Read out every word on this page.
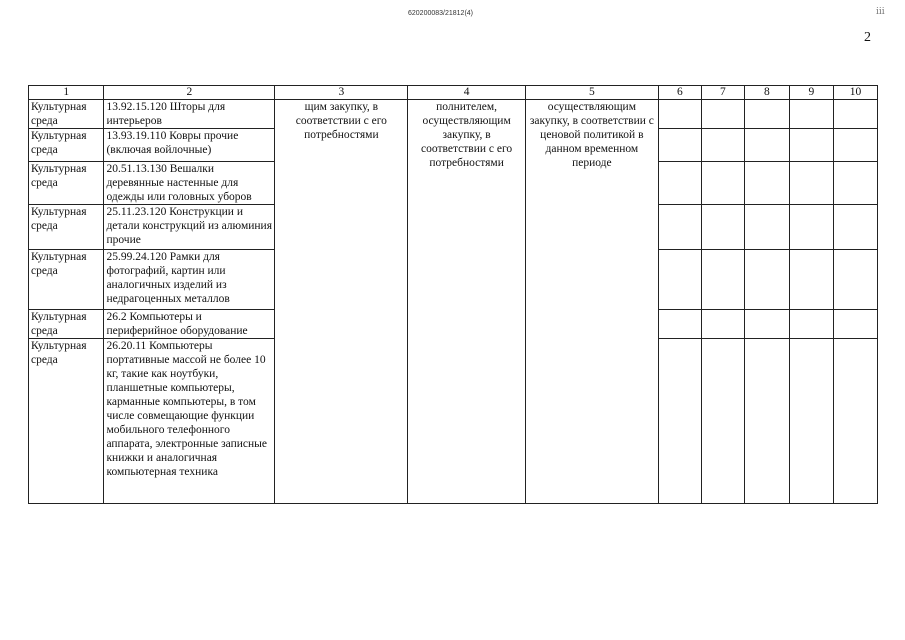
620200083/21812(4)	ⅲ
2
1	2	3	4	5	6	7	8	9	10
Культурная среда	13.92.15.120 Шторы для интерьеров	щим закупку, в соответствии с его потребностями	полнителем, осуществляющим закупку, в соответствии с его потребностями	осуществляющим закупку, в соответствии с ценовой политикой в данном временном периоде					
Культурная среда	13.93.19.110 Ковры прочие (включая войлочные)								
Культурная среда	20.51.13.130 Вешалки деревянные настенные для одежды или головных уборов								
Культурная среда	25.11.23.120 Конструкции и детали конструкций из алюминия прочие								
Культурная среда	25.99.24.120 Рамки для фотографий, картин или аналогичных изделий из недрагоценных металлов								
Культурная среда	26.2 Компьютеры и периферийное оборудование								
Культурная среда	26.20.11 Компьютеры портативные массой не более 10 кг, такие как ноутбуки, планшетные компьютеры, карманные компьютеры, в том числе совмещающие функции мобильного телефонного аппарата, электронные записные книжки и аналогичная компьютерная техника								
